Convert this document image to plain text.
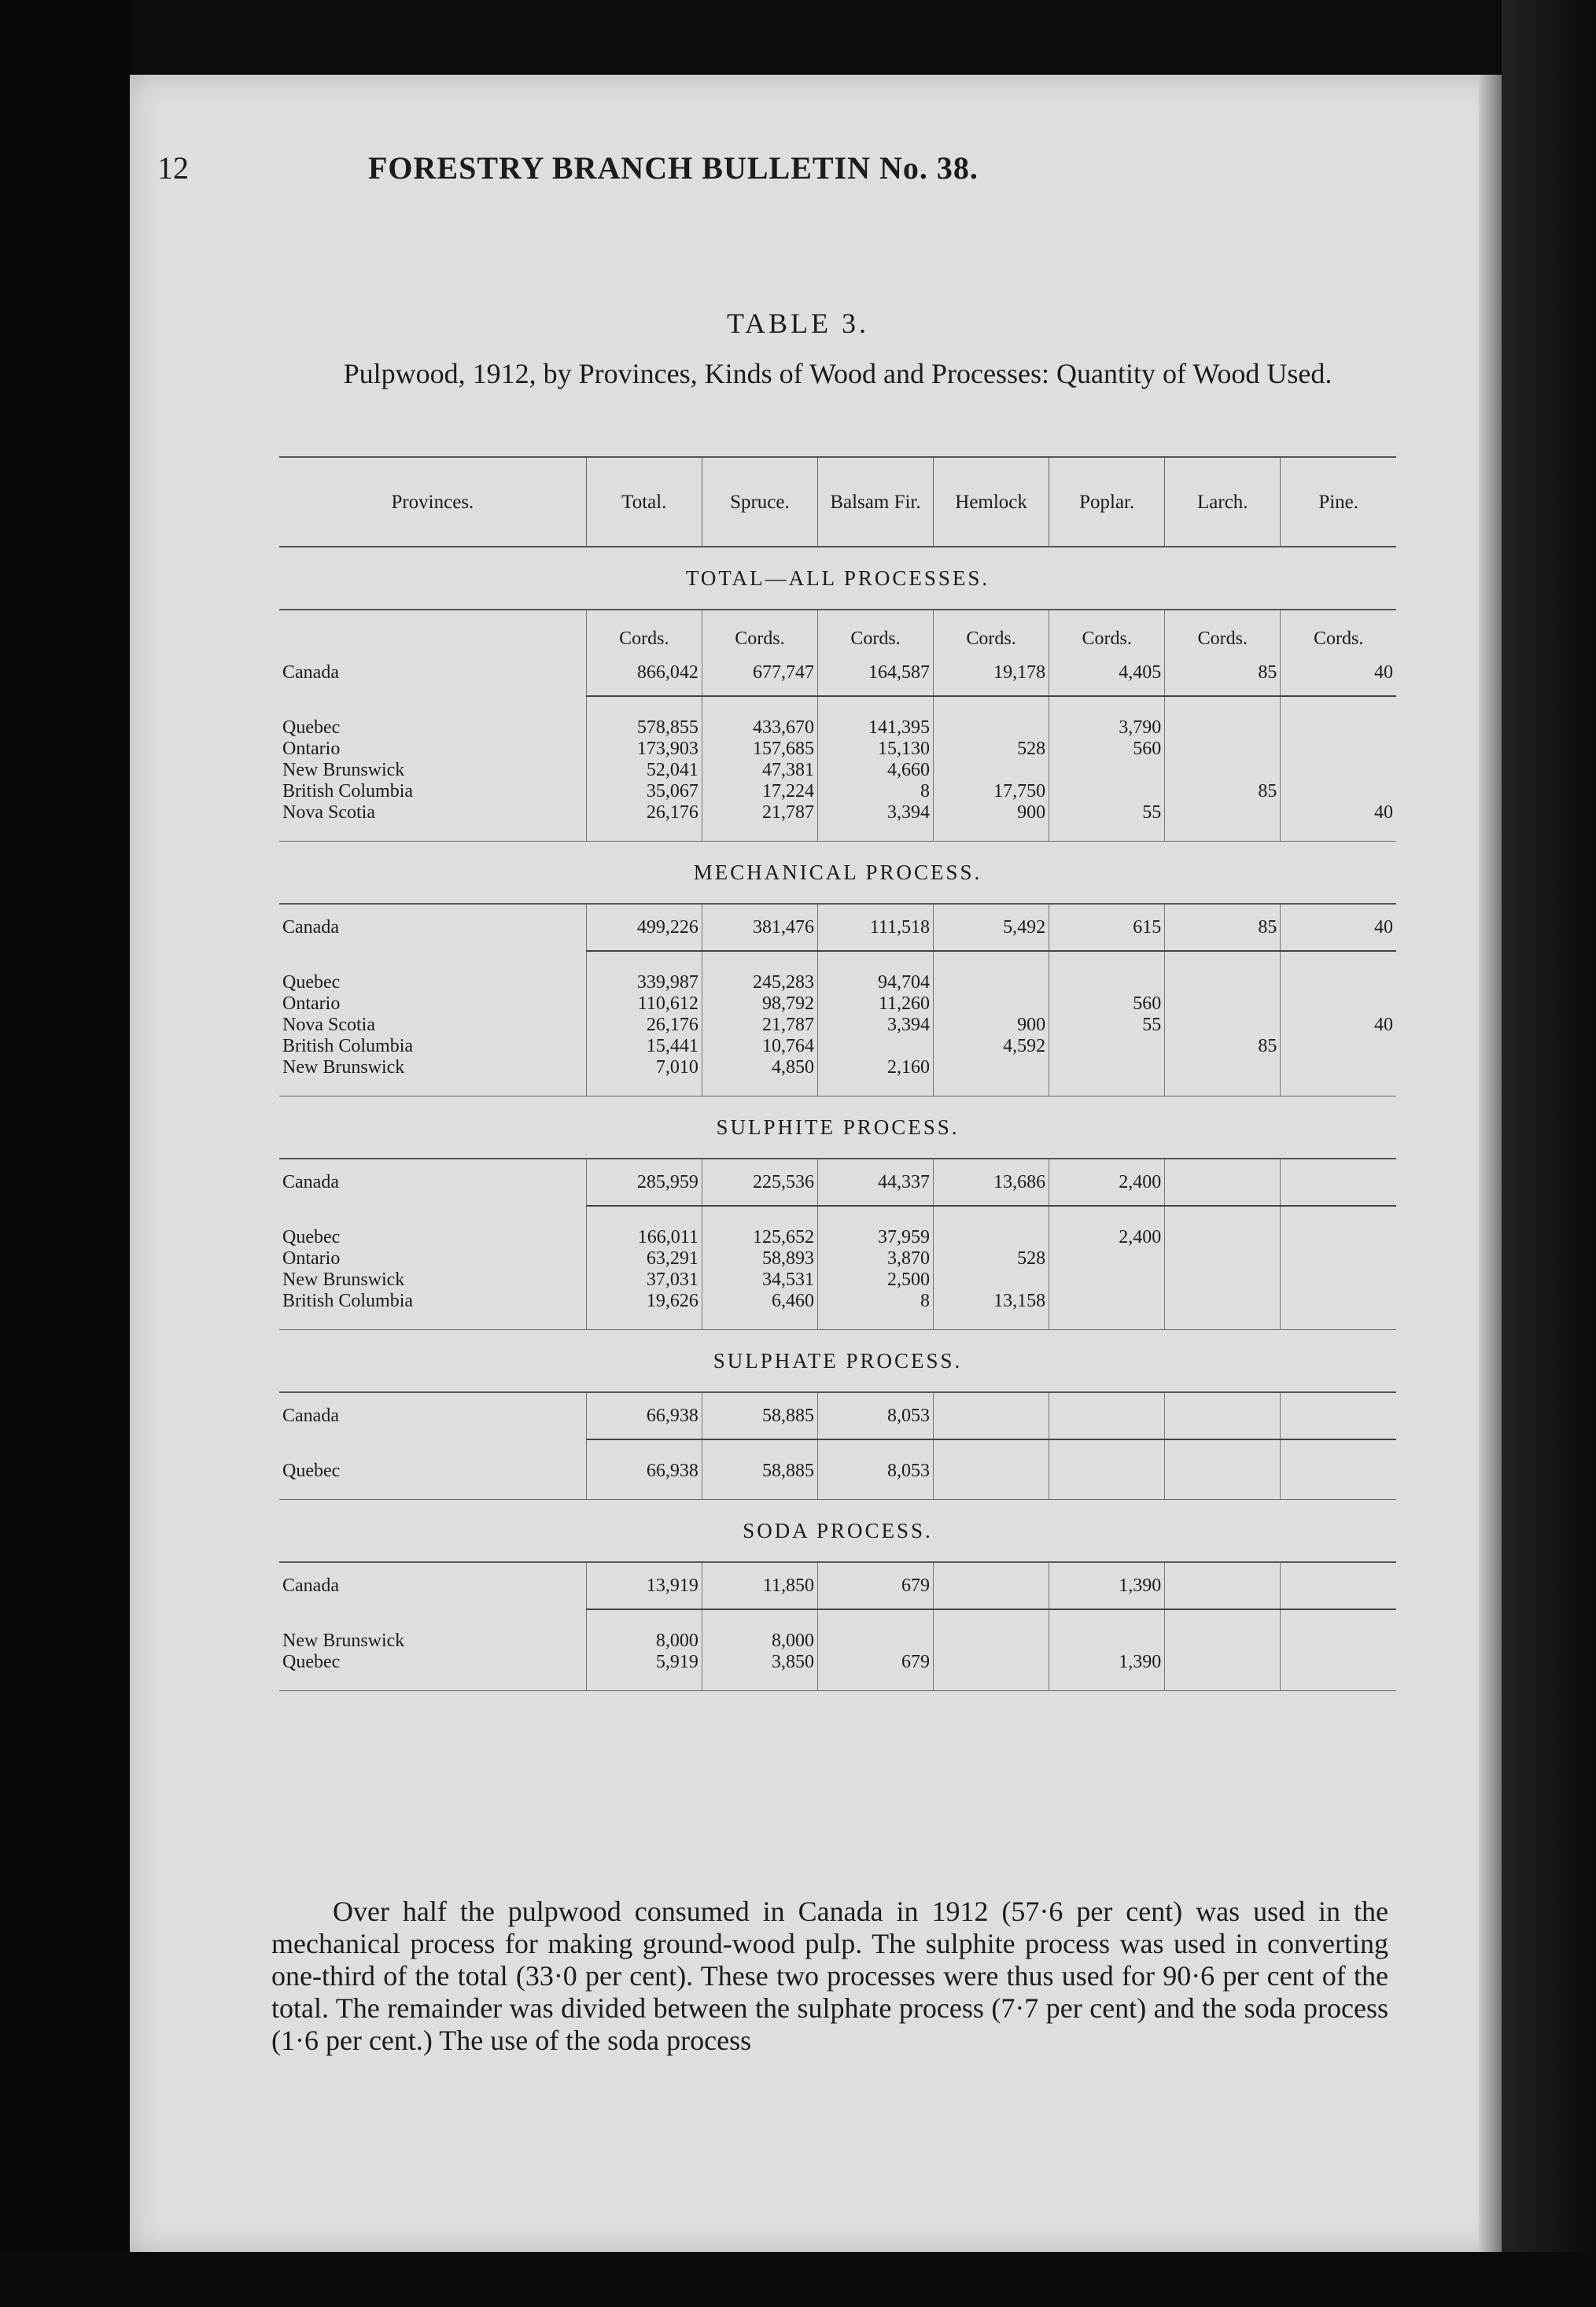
12	FORESTRY BRANCH BULLETIN No. 38.
TABLE 3.
Pulpwood, 1912, by Provinces, Kinds of Wood and Processes: Quantity of Wood Used.
Provinces.	Total.	Spruce.	Balsam Fir.	Hemlock	Poplar.	Larch.	Pine.
TOTAL—ALL PROCESSES.							
	Cords.	Cords.	Cords.	Cords.	Cords.	Cords.	Cords.
Canada	866,042	677,747	164,587	19,178	4,405	85	40

Quebec	578,855	433,670	141,395		3,790		
Ontario	173,903	157,685	15,130	528	560		
New Brunswick	52,041	47,381	4,660				
British Columbia	35,067	17,224	8	17,750		85	
Nova Scotia	26,176	21,787	3,394	900	55		40
MECHANICAL PROCESS.							
Canada	499,226	381,476	111,518	5,492	615	85	40

Quebec	339,987	245,283	94,704				
Ontario	110,612	98,792	11,260		560		
Nova Scotia	26,176	21,787	3,394	900	55		40
British Columbia	15,441	10,764		4,592		85	
New Brunswick	7,010	4,850	2,160				
SULPHITE PROCESS.							
Canada	285,959	225,536	44,337	13,686	2,400		

Quebec	166,011	125,652	37,959		2,400		
Ontario	63,291	58,893	3,870	528			
New Brunswick	37,031	34,531	2,500				
British Columbia	19,626	6,460	8	13,158			
SULPHATE PROCESS.							
Canada	66,938	58,885	8,053				

Quebec	66,938	58,885	8,053				
SODA PROCESS.							
Canada	13,919	11,850	679		1,390		

New Brunswick	8,000	8,000					
Quebec	5,919	3,850	679		1,390		

Over half the pulpwood consumed in Canada in 1912 (57·6 per cent) was used in the mechanical process for making ground-wood pulp. The sulphite process was used in converting one-third of the total (33·0 per cent). These two processes were thus used for 90·6 per cent of the total. The remainder was divided between the sulphate process (7·7 per cent) and the soda process (1·6 per cent.) The use of the soda process
